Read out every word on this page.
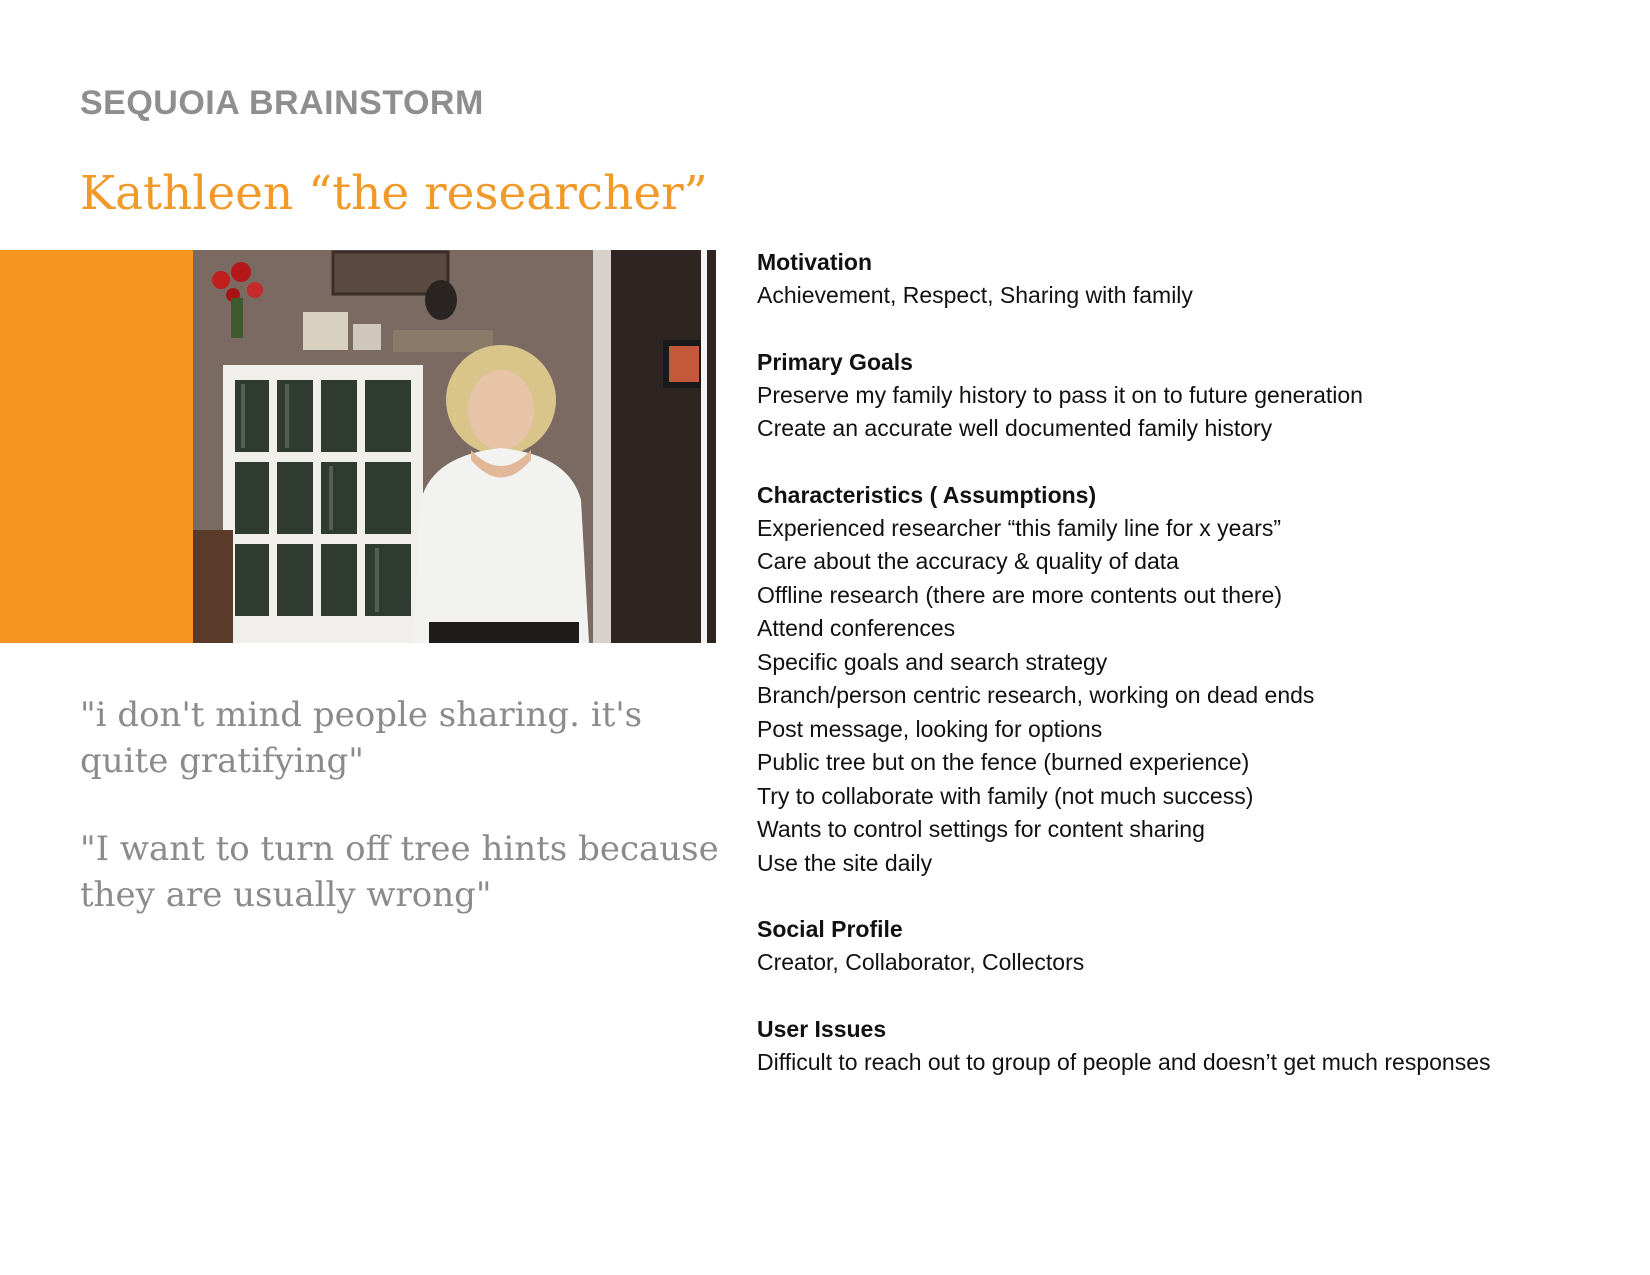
SEQUOIA BRAINSTORM
Kathleen “the researcher”

"i don't mind people sharing. it's quite gratifying"

"I want to turn off tree hints because they are usually wrong"

Motivation
Achievement, Respect, Sharing with family
Primary Goals
Preserve my family history to pass it on to future generation
Create an accurate well documented family history
Characteristics ( Assumptions)
Experienced researcher “this family line for x years”
Care about the accuracy & quality of data
Offline research (there are more contents out there)
Attend conferences
Specific goals and search strategy
Branch/person centric research, working on dead ends
Post message, looking for options
Public tree but on the fence (burned experience)
Try to collaborate with family (not much success)
Wants to control settings for content sharing
Use the site daily
Social Profile
Creator, Collaborator, Collectors
User Issues
Difficult to reach out to group of people and doesn’t get much responses
